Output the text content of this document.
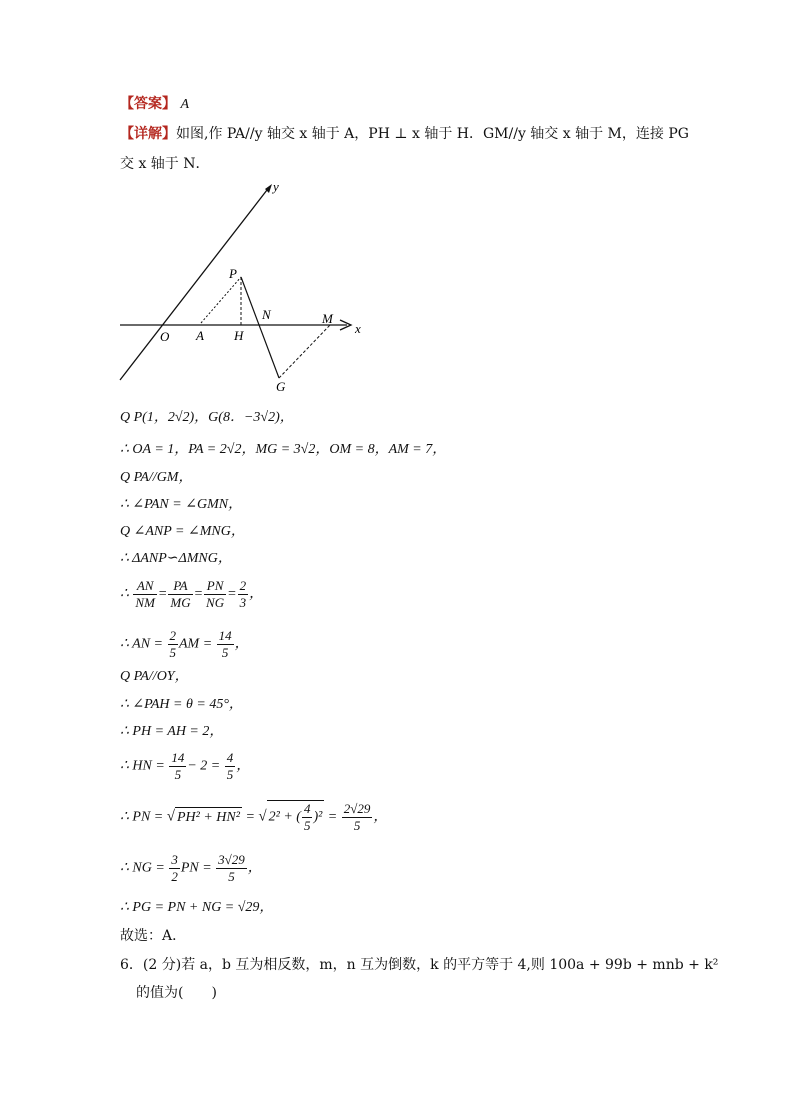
【答案】 A
【详解】如图,作 PA//y 轴交 x 轴于 A，PH ⊥ x 轴于 H．GM//y 轴交 x 轴于 M，连接 PG
交 x 轴于 N．
y
x
P
N	M
O A H
G
Q P(1，2√2)，G(8．−3√2)，
∴ OA = 1，PA = 2√2，MG = 3√2，OM = 8，AM = 7，
Q PA//GM，
∴ ∠PAN = ∠GMN，
Q ∠ANP = ∠MNG，
∴ ΔANP∽ΔMNG，
∴ $\frac{AN}{NM} = \frac{PA}{MG} = \frac{PN}{NG} = \frac{2}{3}$ ，
∴ AN = $\frac{2}{5}$ AM = $\frac{14}{5}$ ，
Q PA//OY，
∴ ∠PAH = θ = 45°，
∴ PH = AH = 2，
∴ HN = $\frac{14}{5} - 2 = \frac{4}{5}$ ，
∴ PN = √ PH² + HN² = √ 2² + ( $\frac{4}{5} )^2 = \frac{2√29}{5}$ ，
∴ NG = $\frac{3}{2}$ PN = $\frac{3√29}{5}$ ，
∴ PG = PN + NG = √29，
故选：A．
6．(2 分)若 a，b 互为相反数，m，n 互为倒数，k 的平方等于 4,则 100a + 99b + mnb + k²
的值为(　　)
